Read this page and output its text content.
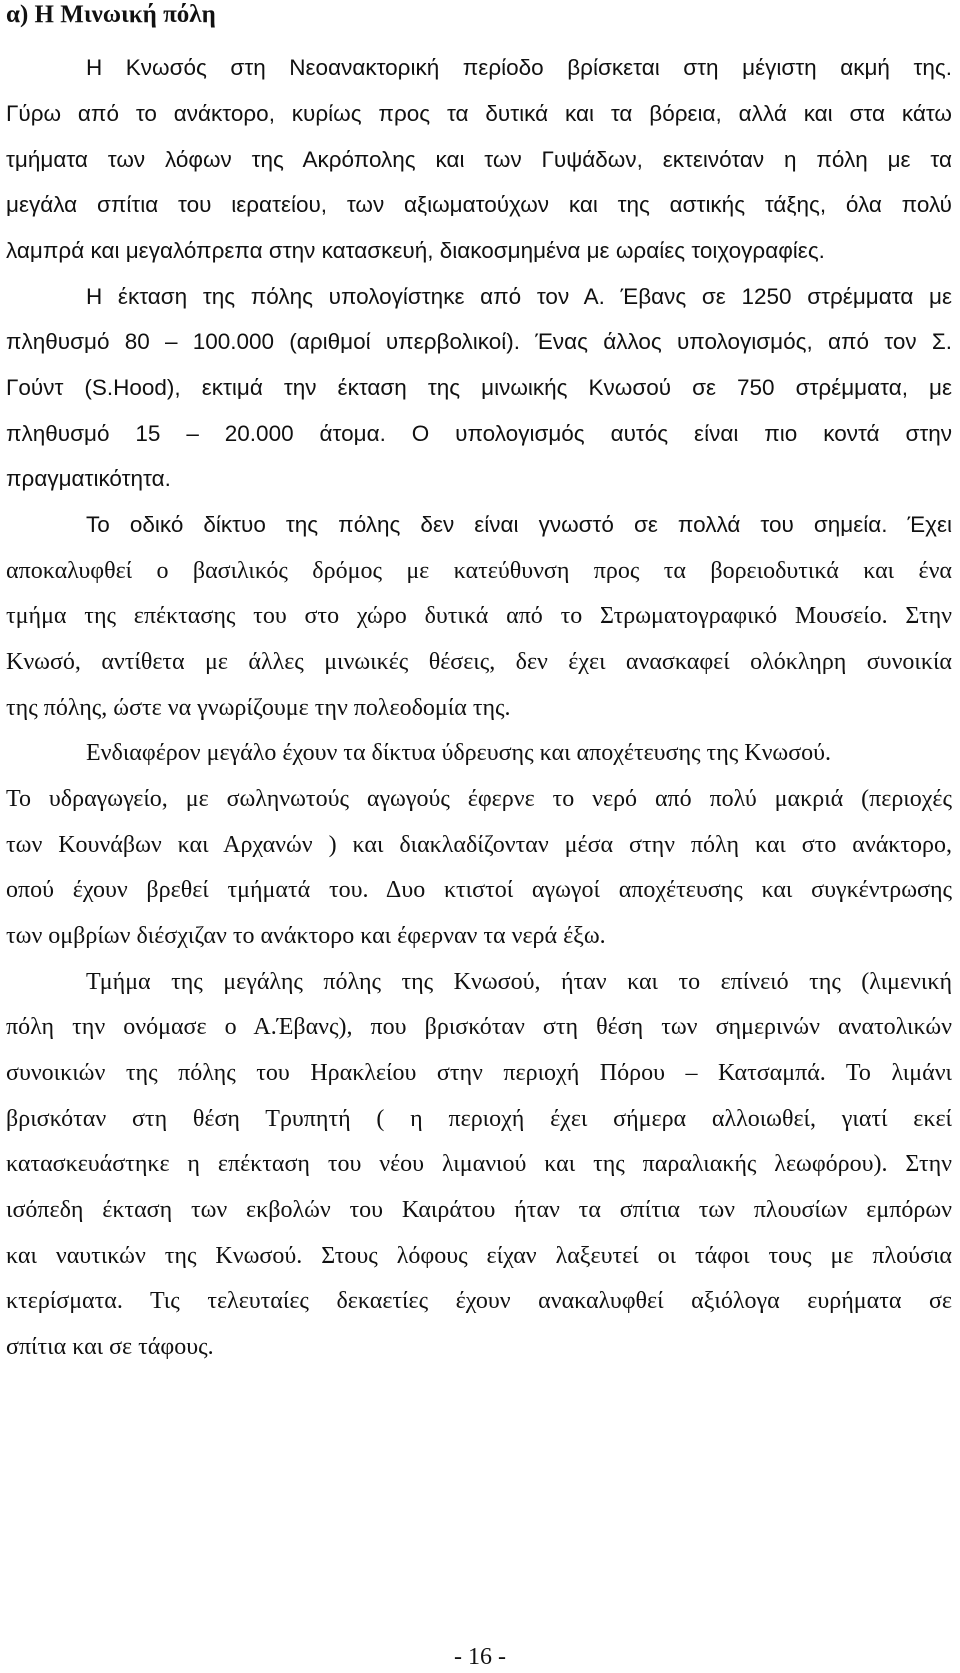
α) Η Μινωική πόλη
Η Κνωσός στη Νεοανακτορική περίοδο βρίσκεται στη μέγιστη ακμή της.
Γύρω από το ανάκτορο, κυρίως προς τα δυτικά και τα βόρεια, αλλά και στα κάτω
τμήματα των λόφων της Ακρόπολης και των Γυψάδων, εκτεινόταν η πόλη με τα
μεγάλα σπίτια του ιερατείου, των αξιωματούχων και της αστικής τάξης, όλα πολύ
λαμπρά και μεγαλόπρεπα στην κατασκευή, διακοσμημένα με ωραίες τοιχογραφίες.
Η έκταση της πόλης υπολογίστηκε από τον Α. Έβανς σε 1250 στρέμματα με
πληθυσμό 80 – 100.000 (αριθμοί υπερβολικοί). Ένας άλλος υπολογισμός, από τον Σ.
Γούντ (S.Hood), εκτιμά την έκταση της μινωικής Κνωσού σε 750 στρέμματα, με
πληθυσμό 15 – 20.000 άτομα. Ο υπολογισμός αυτός είναι πιο κοντά στην
πραγματικότητα.
Το οδικό δίκτυο της πόλης δεν είναι γνωστό σε πολλά του σημεία. Έχει
αποκαλυφθεί ο βασιλικός δρόμος με κατεύθυνση προς τα βορειοδυτικά και ένα
τμήμα της επέκτασης του στο χώρο δυτικά από το Στρωματογραφικό Μουσείο. Στην
Κνωσό, αντίθετα με άλλες μινωικές θέσεις, δεν έχει ανασκαφεί ολόκληρη συνοικία
της πόλης, ώστε να γνωρίζουμε την πολεοδομία της.
Ενδιαφέρον μεγάλο έχουν τα δίκτυα ύδρευσης και αποχέτευσης της Κνωσού.
Το υδραγωγείο, με σωληνωτούς αγωγούς έφερνε το νερό από πολύ μακριά (περιοχές
των Κουνάβων και Αρχανών ) και διακλαδίζονταν μέσα στην πόλη και στο ανάκτορο,
οπού έχουν βρεθεί τμήματά του. Δυο κτιστοί αγωγοί αποχέτευσης και συγκέντρωσης
των ομβρίων διέσχιζαν το ανάκτορο και έφερναν τα νερά έξω.
Τμήμα της μεγάλης πόλης της Κνωσού, ήταν και το επίνειό της (λιμενική
πόλη την ονόμασε ο Α.Έβανς), που βρισκόταν στη θέση των σημερινών ανατολικών
συνοικιών της πόλης του Ηρακλείου στην περιοχή Πόρου – Κατσαμπά. Το λιμάνι
βρισκόταν στη θέση Τρυπητή ( η περιοχή έχει σήμερα αλλοιωθεί, γιατί εκεί
κατασκευάστηκε η επέκταση του νέου λιμανιού και της παραλιακής λεωφόρου). Στην
ισόπεδη έκταση των εκβολών του Καιράτου ήταν τα σπίτια των πλουσίων εμπόρων
και ναυτικών της Κνωσού. Στους λόφους είχαν λαξευτεί οι τάφοι τους με πλούσια
κτερίσματα. Τις τελευταίες δεκαετίες έχουν ανακαλυφθεί αξιόλογα ευρήματα σε
σπίτια και σε τάφους.
- 16 -
